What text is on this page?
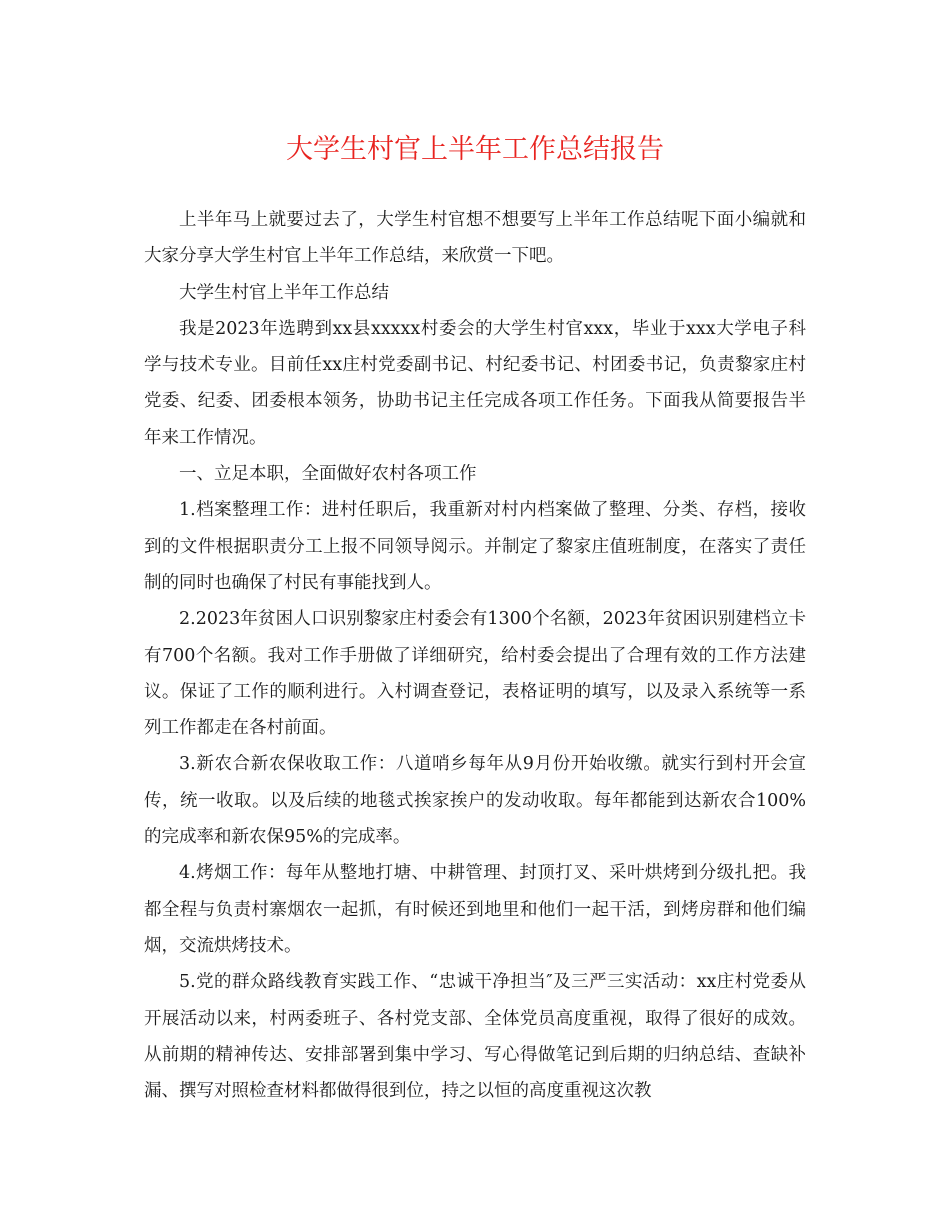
大学生村官上半年工作总结报告

上半年马上就要过去了，大学生村官想不想要写上半年工作总结呢下面小编就和大家分享大学生村官上半年工作总结，来欣赏一下吧。

大学生村官上半年工作总结

我是2023年选聘到xx县xxxxx村委会的大学生村官xxx，毕业于xxx大学电子科学与技术专业。目前任xx庄村党委副书记、村纪委书记、村团委书记，负责黎家庄村党委、纪委、团委根本领务，协助书记主任完成各项工作任务。下面我从简要报告半年来工作情况。

一、立足本职，全面做好农村各项工作

1.档案整理工作：进村任职后，我重新对村内档案做了整理、分类、存档，接收到的文件根据职责分工上报不同领导阅示。并制定了黎家庄值班制度，在落实了责任制的同时也确保了村民有事能找到人。

2.2023年贫困人口识别黎家庄村委会有1300个名额，2023年贫困识别建档立卡有700个名额。我对工作手册做了详细研究，给村委会提出了合理有效的工作方法建议。保证了工作的顺利进行。入村调查登记，表格证明的填写，以及录入系统等一系列工作都走在各村前面。

3.新农合新农保收取工作：八道哨乡每年从9月份开始收缴。就实行到村开会宣传，统一收取。以及后续的地毯式挨家挨户的发动收取。每年都能到达新农合100%的完成率和新农保95%的完成率。

4.烤烟工作：每年从整地打塘、中耕管理、封顶打叉、采叶烘烤到分级扎把。我都全程与负责村寨烟农一起抓，有时候还到地里和他们一起干活，到烤房群和他们编烟，交流烘烤技术。

5.党的群众路线教育实践工作、“忠诚干净担当″及三严三实活动：xx庄村党委从开展活动以来，村两委班子、各村党支部、全体党员高度重视，取得了很好的成效。从前期的精神传达、安排部署到集中学习、写心得做笔记到后期的归纳总结、查缺补漏、撰写对照检查材料都做得很到位，持之以恒的高度重视这次教
